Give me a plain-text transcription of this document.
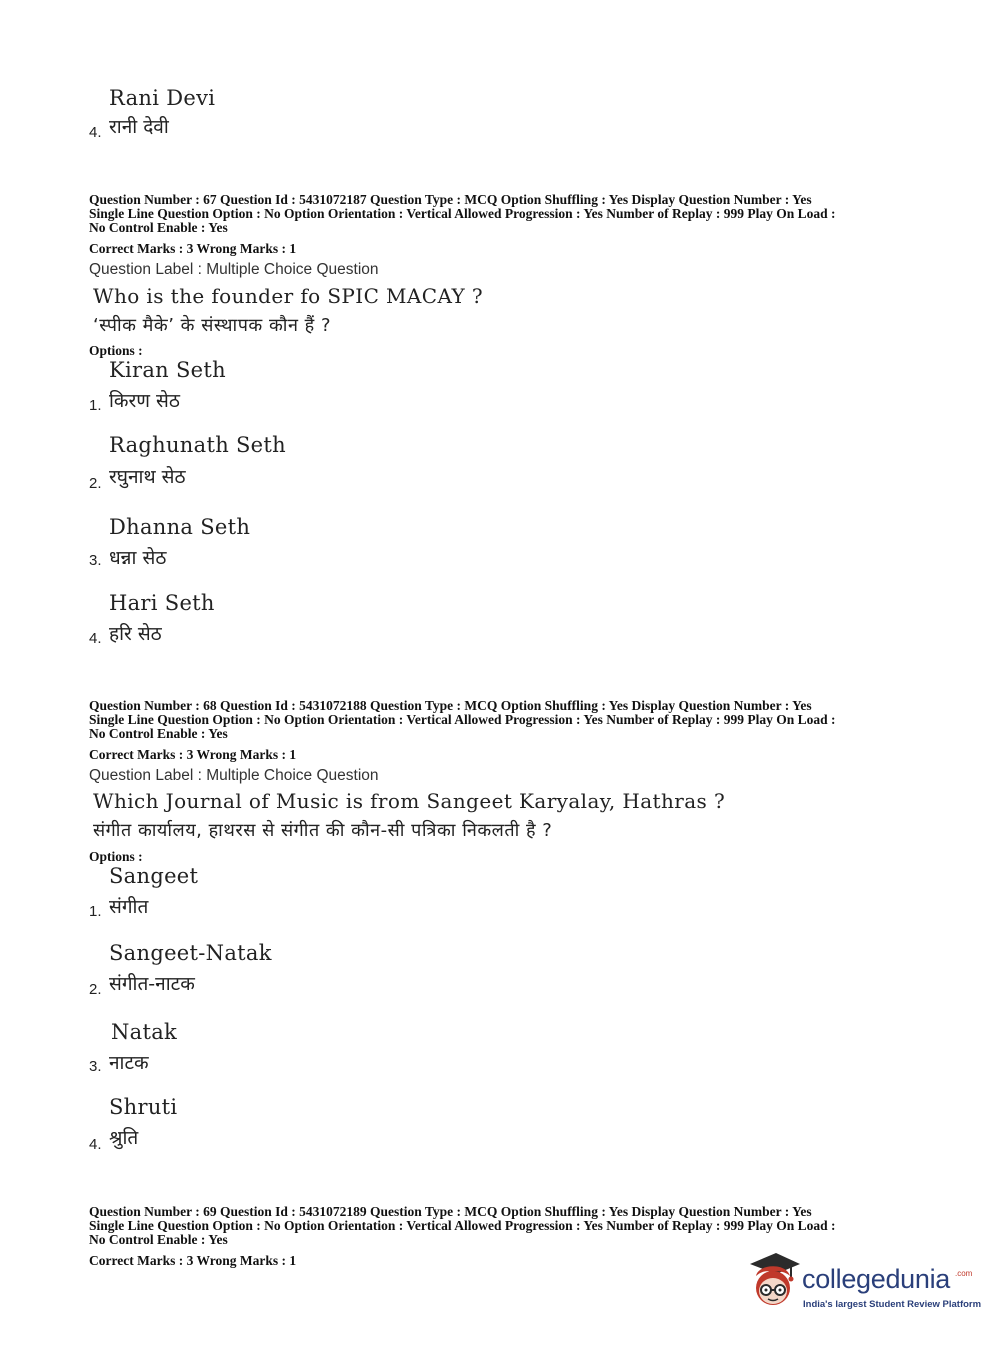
Rani Devi
4. रानी देवी
Question Number : 67 Question Id : 5431072187 Question Type : MCQ Option Shuffling : Yes Display Question Number : Yes
Single Line Question Option : No Option Orientation : Vertical Allowed Progression : Yes Number of Replay : 999 Play On Load :
No Control Enable : Yes
Correct Marks : 3 Wrong Marks : 1
Question Label : Multiple Choice Question
Who is the founder fo SPIC MACAY ?
‘स्पीक मैके’ के संस्थापक कौन हैं ?
Options :
Kiran Seth
1. किरण सेठ
Raghunath Seth
2. रघुनाथ सेठ
Dhanna Seth
3. धन्ना सेठ
Hari Seth
4. हरि सेठ
Question Number : 68 Question Id : 5431072188 Question Type : MCQ Option Shuffling : Yes Display Question Number : Yes
Single Line Question Option : No Option Orientation : Vertical Allowed Progression : Yes Number of Replay : 999 Play On Load :
No Control Enable : Yes
Correct Marks : 3 Wrong Marks : 1
Question Label : Multiple Choice Question
Which Journal of Music is from Sangeet Karyalay, Hathras ?
संगीत कार्यालय, हाथरस से संगीत की कौन-सी पत्रिका निकलती है ?
Options :
Sangeet
1. संगीत
Sangeet-Natak
2. संगीत-नाटक
Natak
3. नाटक
Shruti
4. श्रुति
Question Number : 69 Question Id : 5431072189 Question Type : MCQ Option Shuffling : Yes Display Question Number : Yes
Single Line Question Option : No Option Orientation : Vertical Allowed Progression : Yes Number of Replay : 999 Play On Load :
No Control Enable : Yes
Correct Marks : 3 Wrong Marks : 1
collegedunia .com
India's largest Student Review Platform
